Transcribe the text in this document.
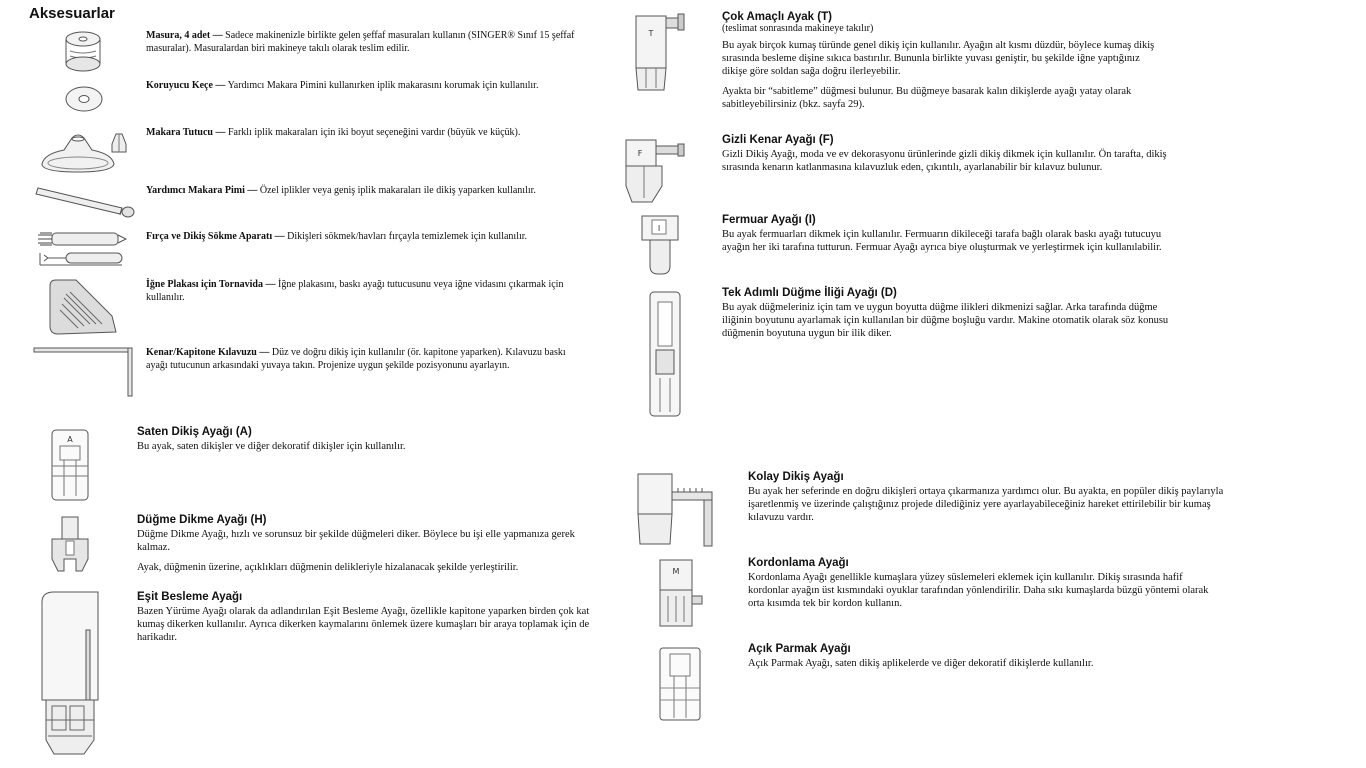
Aksesuarlar

Masura, 4 adet — Sadece makinenizle birlikte gelen şeffaf masuraları kullanın (SINGER® Sınıf 15 şeffaf masuralar). Masuralardan biri makineye takılı olarak teslim edilir.

Koruyucu Keçe — Yardımcı Makara Pimini kullanırken iplik makarasını korumak için kullanılır.

Makara Tutucu — Farklı iplik makaraları için iki boyut seçeneğini vardır (büyük ve küçük).

Yardımcı Makara Pimi — Özel iplikler veya geniş iplik makaraları ile dikiş yaparken kullanılır.

Fırça ve Dikiş Sökme Aparatı — Dikişleri sökmek/havları fırçayla temizlemek için kullanılır.

İğne Plakası için Tornavida — İğne plakasını, baskı ayağı tutucusunu veya iğne vidasını çıkarmak için kullanılır.

Kenar/Kapitone Kılavuzu — Düz ve doğru dikiş için kullanılır (ör. kapitone yaparken). Kılavuzu baskı ayağı tutucunun arkasındaki yuvaya takın. Projenize uygun şekilde pozisyonunu ayarlayın.

Saten Dikiş Ayağı (A)

Bu ayak, saten dikişler ve diğer dekoratif dikişler için kullanılır.

Düğme Dikme Ayağı (H)

Düğme Dikme Ayağı, hızlı ve sorunsuz bir şekilde düğmeleri diker. Böylece bu işi elle yapmanıza gerek kalmaz.

Ayak, düğmenin üzerine, açıklıkları düğmenin delikleriyle hizalanacak şekilde yerleştirilir.

Eşit Besleme Ayağı

Bazen Yürüme Ayağı olarak da adlandırılan Eşit Besleme Ayağı, özellikle kapitone yaparken birden çok kat kumaş dikerken kullanılır. Ayrıca dikerken kaymalarını önlemek üzere kumaşları bir araya toplamak için de harikadır.

A
Çok Amaçlı Ayak (T)
(teslimat sonrasında makineye takılır)

Bu ayak birçok kumaş türünde genel dikiş için kullanılır. Ayağın alt kısmı düzdür, böylece kumaş dikiş sırasında besleme dişine sıkıca bastırılır. Bununla birlikte yuvası geniştir, bu şekilde iğne yaptığınız dikişe göre soldan sağa doğru ilerleyebilir.

Ayakta bir “sabitleme” düğmesi bulunur. Bu düğmeye basarak kalın dikişlerde ayağı yatay olarak sabitleyebilirsiniz (bkz. sayfa 29).

Gizli Kenar Ayağı (F)

Gizli Dikiş Ayağı, moda ve ev dekorasyonu ürünlerinde gizli dikiş dikmek için kullanılır. Ön tarafta, dikiş sırasında kenarın katlanmasına kılavuzluk eden, çıkıntılı, ayarlanabilir bir kılavuz bulunur.

Fermuar Ayağı (I)

Bu ayak fermuarları dikmek için kullanılır. Fermuarın dikileceği tarafa bağlı olarak baskı ayağı tutucuyu ayağın her iki tarafına tutturun. Fermuar Ayağı ayrıca biye oluşturmak ve yerleştirmek için kullanılabilir.

Tek Adımlı Düğme İliği Ayağı (D)

Bu ayak düğmeleriniz için tam ve uygun boyutta düğme ilikleri dikmenizi sağlar. Arka tarafında düğme iliğinin boyutunu ayarlamak için kullanılan bir düğme boşluğu vardır. Makine otomatik olarak söz konusu düğmenin boyutuna uygun bir ilik diker.

Kolay Dikiş Ayağı

Bu ayak her seferinde en doğru dikişleri ortaya çıkarmanıza yardımcı olur. Bu ayakta, en popüler dikiş paylarıyla işaretlenmiş ve üzerinde çalıştığınız projede dilediğiniz yere ayarlayabileceğiniz hareket ettirilebilir bir kumaş kılavuzu vardır.

Kordonlama Ayağı

Kordonlama Ayağı genellikle kumaşlara yüzey süslemeleri eklemek için kullanılır. Dikiş sırasında hafif kordonlar ayağın üst kısmındaki oyuklar tarafından yönlendirilir. Daha sıkı kumaşlarda büzgü yöntemi olarak orta kısımda tek bir kordon kullanın.

Açık Parmak Ayağı

Açık Parmak Ayağı, saten dikiş aplikelerde ve diğer dekoratif dikişlerde kullanılır.

T
F
I
M
